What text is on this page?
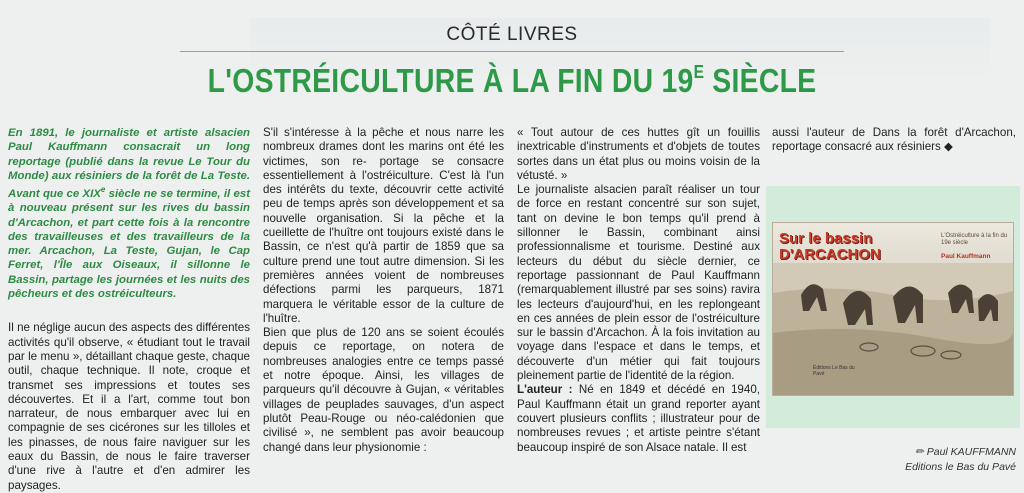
CÔTÉ LIVRES
L'OSTRÉICULTURE À LA FIN DU $19^E$ SIÈCLE

En 1891, le journaliste et artiste alsacien Paul Kauffmann consacrait un long reportage (publié dans la revue Le Tour du Monde) aux résiniers de la forêt de La Teste. Avant que ce XIXe siècle ne se termine, il est à nouveau présent sur les rives du bassin d'Arcachon, et part cette fois à la rencontre des travailleuses et des travailleurs de la mer. Arcachon, La Teste, Gujan, le Cap Ferret, l'Île aux Oiseaux, il sillonne le Bassin, partage les journées et les nuits des pêcheurs et des ostréiculteurs.

Il ne néglige aucun des aspects des différentes activités qu'il observe, « étudiant tout le travail par le menu », détaillant chaque geste, chaque outil, chaque technique. Il note, croque et transmet ses impressions et toutes ses découvertes. Et il a l'art, comme tout bon narrateur, de nous embarquer avec lui en compagnie de ses cicérones sur les tilloles et les pinasses, de nous faire naviguer sur les eaux du Bassin, de nous le faire traverser d'une rive à l'autre et d'en admirer les paysages.

S'il s'intéresse à la pêche et nous narre les nombreux drames dont les marins ont été les victimes, son re- portage se consacre essentiellement à l'ostréiculture. C'est là l'un des intérêts du texte, découvrir cette activité peu de temps après son développement et sa nouvelle organisation. Si la pêche et la cueillette de l'huître ont toujours existé dans le Bassin, ce n'est qu'à partir de 1859 que sa culture prend une tout autre dimension. Si les premières années voient de nombreuses défections parmi les parqueurs, 1871 marquera le véritable essor de la culture de l'huître.

Bien que plus de 120 ans se soient écoulés depuis ce reportage, on notera de nombreuses analogies entre ce temps passé et notre époque. Ainsi, les villages de parqueurs qu'il découvre à Gujan, « véritables villages de peuplades sauvages, d'un aspect plutôt Peau-Rouge ou néo-calédonien que civilisé », ne semblent pas avoir beaucoup changé dans leur physionomie :

« Tout autour de ces huttes gît un fouillis inextricable d'instruments et d'objets de toutes sortes dans un état plus ou moins voisin de la vétusté. »

Le journaliste alsacien paraît réaliser un tour de force en restant concentré sur son sujet, tant on devine le bon temps qu'il prend à sillonner le Bassin, combinant ainsi professionnalisme et tourisme. Destiné aux lecteurs du début du siècle dernier, ce reportage passionnant de Paul Kauffmann (remarquablement illustré par ses soins) ravira les lecteurs d'aujourd'hui, en les replongeant en ces années de plein essor de l'ostréiculture sur le bassin d'Arcachon. À la fois invitation au voyage dans l'espace et dans le temps, et découverte d'un métier qui fait toujours pleinement partie de l'identité de la région.

L'auteur : Né en 1849 et décédé en 1940, Paul Kauffmann était un grand reporter ayant couvert plusieurs conflits ; illustrateur pour de nombreuses revues ; et artiste peintre s'étant beaucoup inspiré de son Alsace natale. Il est

aussi l'auteur de Dans la forêt d'Arcachon, reportage consacré aux résiniers ◆

Sur le bassin
D'ARCACHON
L'Ostréiculture à la fin du 19e siècle
Paul Kauffmann
Éditions Le Bas du Pavé
✏ Paul KAUFFMANN
Editions le Bas du Pavé
